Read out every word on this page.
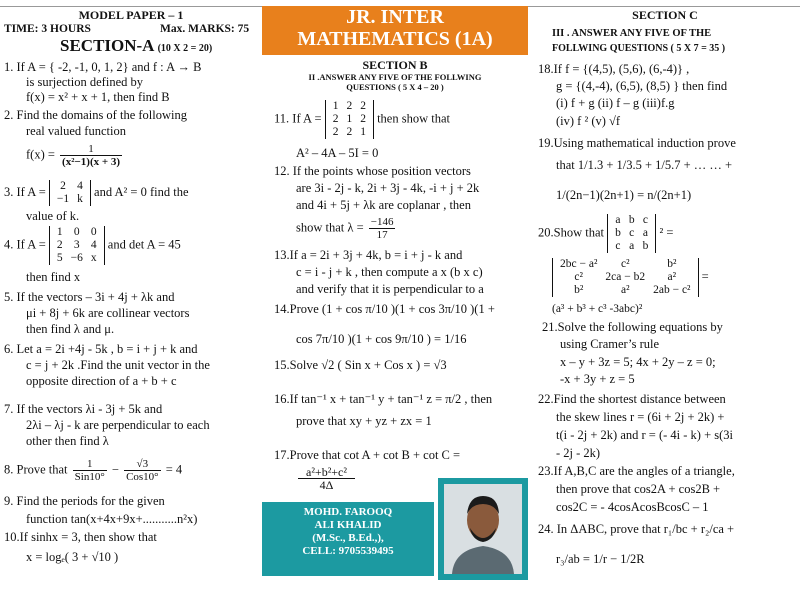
MODEL PAPER – 1
TIME: 3 HOURS	Max. MARKS: 75
SECTION-A (10 X 2 = 20)
1. If A = { -2, -1, 0, 1, 2} and f : A → B
is surjection defined by
f(x) = x² + x + 1, then find B
2. Find the domains of the following
real valued function
$f(x) = \frac{1}{\text{(x²−1)(x + 3)}}$
3. If A = 2	4
−1	k
and A² = 0 find the
value of k.
4. If A =
1	0	0
2	3	4
5	−6	x
and det A = 45
then find x
5. If the vectors – 3i + 4j + λk and
μi + 8j + 6k are collinear vectors
then find λ and μ.
6. Let a = 2i +4j - 5k , b = i + j + k and
c = j + 2k .Find the unit vector in the
opposite direction of a + b + c
7. If the vectors λi - 3j + 5k and
2λi – λj - k are perpendicular to each
other then find λ
8. Prove that $\frac{1}{\text{Sin10°}} - \frac{√3}{\text{Cos10°}} = 4$
9. Find the periods for the given
function tan(x+4x+9x+...........n²x)
10.If sinhx = 3, then show that
x = logₑ( 3 + √10 )
JR. INTER
MATHEMATICS (1A)
SECTION B
II .ANSWER ANY FIVE OF THE FOLLWING
QUESTIONS ( 5 X 4 – 20 )
11. If A =
1	2	2
2	1	2
2	2	1
then show that
A² – 4A – 5I = 0
12. If the points whose position vectors
are 3i - 2j - k, 2i + 3j - 4k, -i + j + 2k
and 4i + 5j + λk are coplanar , then
show that $\lambda = \frac{-146}{17}$
13.If a = 2i + 3j + 4k, b = i + j - k and
c = i - j + k , then compute a x (b x c)
and verify that it is perpendicular to a
14.Prove (1 + cos π/10 )(1 + cos 3π/10 )(1 +
cos 7π/10 )(1 + cos 9π/10 ) = 1/16
15.Solve √2 ( Sin x + Cos x ) = √3
16.If tan⁻¹ x + tan⁻¹ y + tan⁻¹ z = π/2 , then
prove that xy + yz + zx = 1
17.Prove that cot A + cot B + cot C =
$\frac{\text{a²+b²+c²}}{4\Delta}$
MOHD. FAROOQ
ALI KHALID
(M.Sc., B.Ed.,),
CELL: 9705539495
SECTION C
III . ANSWER ANY FIVE OF THE
FOLLWING QUESTIONS ( 5 X 7 = 35 )
18.If f = {(4,5), (5,6), (6,-4)} ,
g = {(4,-4), (6,5), (8,5) } then find
(i) f + g (ii) f – g (iii)f.g
(iv) f ² (v) √f
19.Using mathematical induction prove
that 1/1.3 + 1/3.5 + 1/5.7 + … … +
1/(2n−1)(2n+1) = n/(2n+1)
20.Show that
a	b	c
b	c	a
c	a	b
² =
2bc − a²	c²	b²
c²	2ca − b2	a²
b²	a²	2ab − c²
=
(a³ + b³ + c³ -3abc)²
21.Solve the following equations by
using Cramer’s rule
x – y + 3z = 5; 4x + 2y – z = 0;
-x + 3y + z = 5
22.Find the shortest distance between
the skew lines r = (6i + 2j + 2k) +
t(i - 2j + 2k) and r = (- 4i - k) + s(3i
- 2j - 2k)
23.If A,B,C are the angles of a triangle,
then prove that cos2A + cos2B +
cos2C = - 4cosAcosBcosC – 1
24. In ΔABC, prove that r₁/bc + r₂/ca +
r₃/ab = 1/r − 1/2R
